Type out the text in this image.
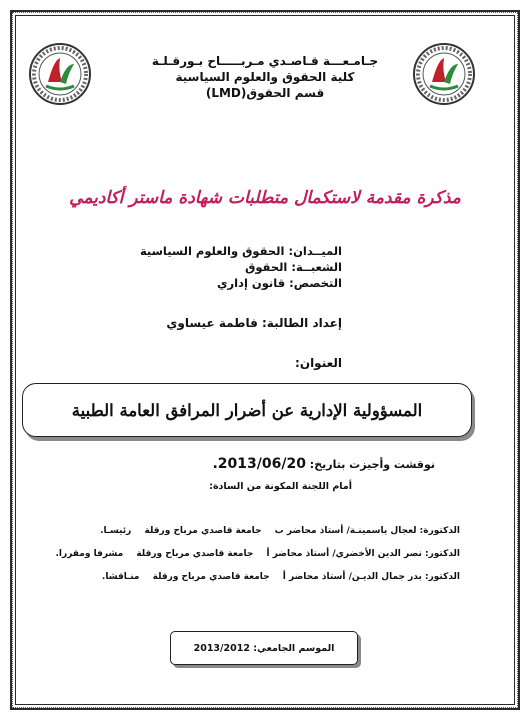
جـامـعـــة قـاصـدي مـربـــــاح بـورقـلـة
كلية الحقوق والعلوم السياسية
قسم الحقوق(LMD)
مذكرة مقدمة لاستكمال متطلبات شهادة ماستر أكاديمي
الميــدان: الحقوق والعلوم السياسية
الشعبــة: الحقوق
التخصص: قانون إداري
إعداد الطالبة: فاطمة عيساوي
العنوان:
المسؤولية الإدارية عن أضرار المرافق العامة الطبية
نوقشت وأجيزت بتاريخ: 2013/06/20.
أمام اللجنة المكونة من السادة:
الدكتورة: لعجال ياسمينـة/ أستاذ محاضر ب جامعة قاصدي مرباح ورقلة رئيسـا.
الدكتور: نصر الدين الأخضري/ أستاذ محاضر أ جامعة قاصدي مرباح ورقلة مشرفا ومقررا.
الدكتور: بدر جمال الديـن/ أستاذ محاضر أ جامعة قاصدي مرباح ورقلة منـاقشا.
الموسم الجامعي: 2013/2012
